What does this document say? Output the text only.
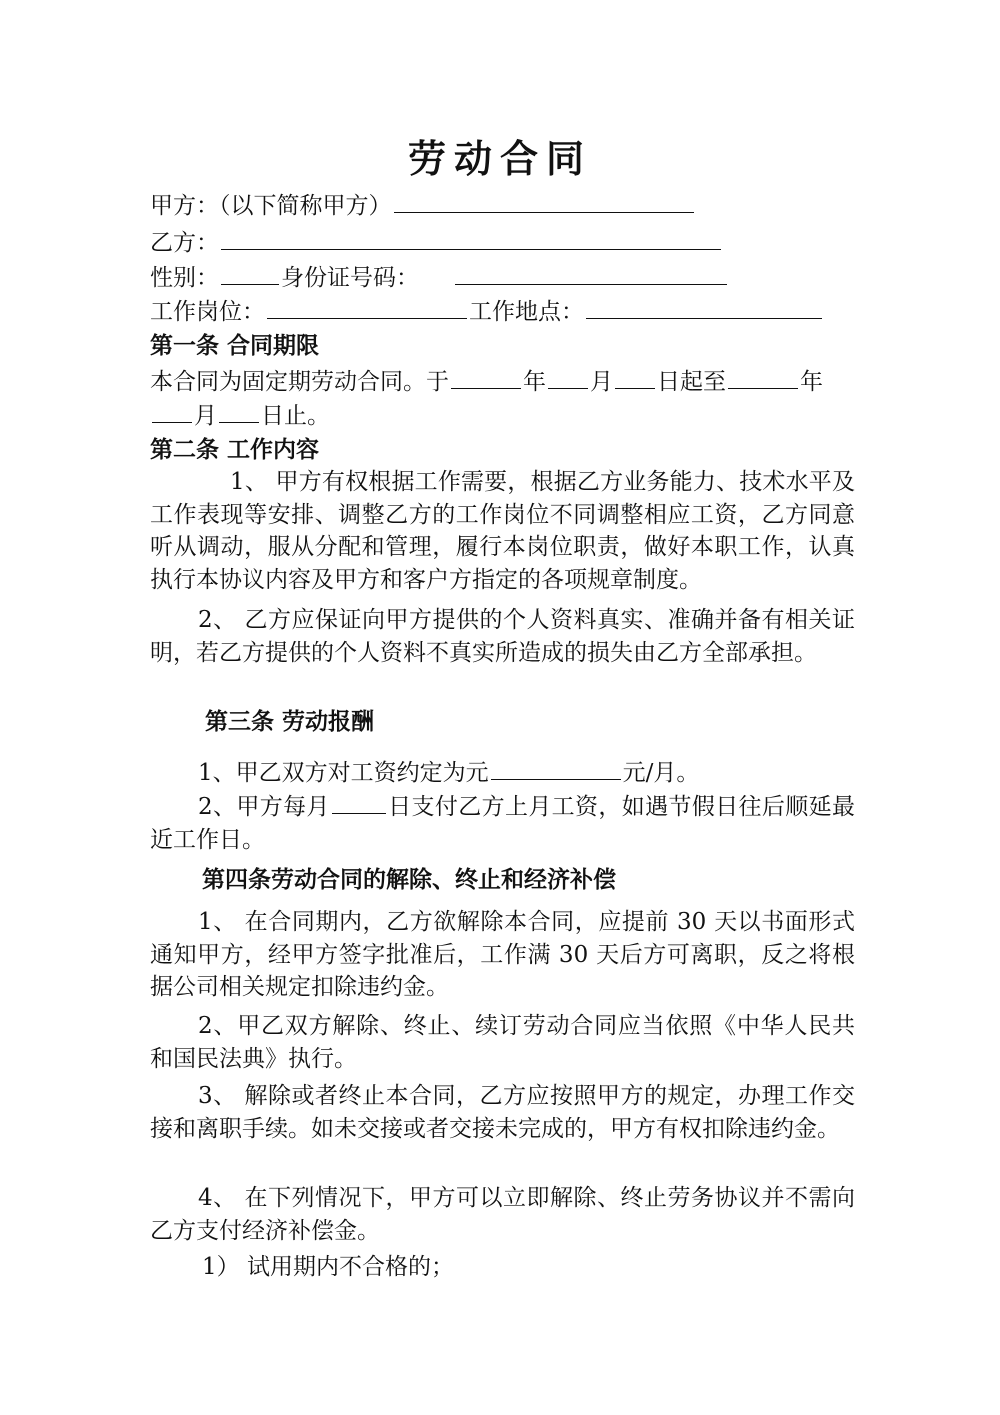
劳动合同
甲方：（以下简称甲方）
乙方：
性别：	身份证号码：
工作岗位：	工作地点：
第一条 合同期限
本合同为固定期劳动合同。于	年 月 日起至	年
月 日止。
第二条 工作内容
1、 甲方有权根据工作需要，根据乙方业务能力、技术水平及工作表现等安排、调整乙方的工作岗位不同调整相应工资，乙方同意听从调动，服从分配和管理，履行本岗位职责，做好本职工作，认真执行本协议内容及甲方和客户方指定的各项规章制度。
2、 乙方应保证向甲方提供的个人资料真实、准确并备有相关证明，若乙方提供的个人资料不真实所造成的损失由乙方全部承担。
第三条 劳动报酬
1、甲乙双方对工资约定为元	元/月。
2、甲方每月	日支付乙方上月工资，如遇节假日往后顺延最近工作日。
第四条劳动合同的解除、终止和经济补偿
1、 在合同期内，乙方欲解除本合同，应提前 30 天以书面形式通知甲方，经甲方签字批准后，工作满 30 天后方可离职，反之将根据公司相关规定扣除违约金。
2、甲乙双方解除、终止、续订劳动合同应当依照《中华人民共和国民法典》执行。
3、 解除或者终止本合同，乙方应按照甲方的规定，办理工作交接和离职手续。如未交接或者交接未完成的，甲方有权扣除违约金。
4、 在下列情况下，甲方可以立即解除、终止劳务协议并不需向乙方支付经济补偿金。
1） 试用期内不合格的；
